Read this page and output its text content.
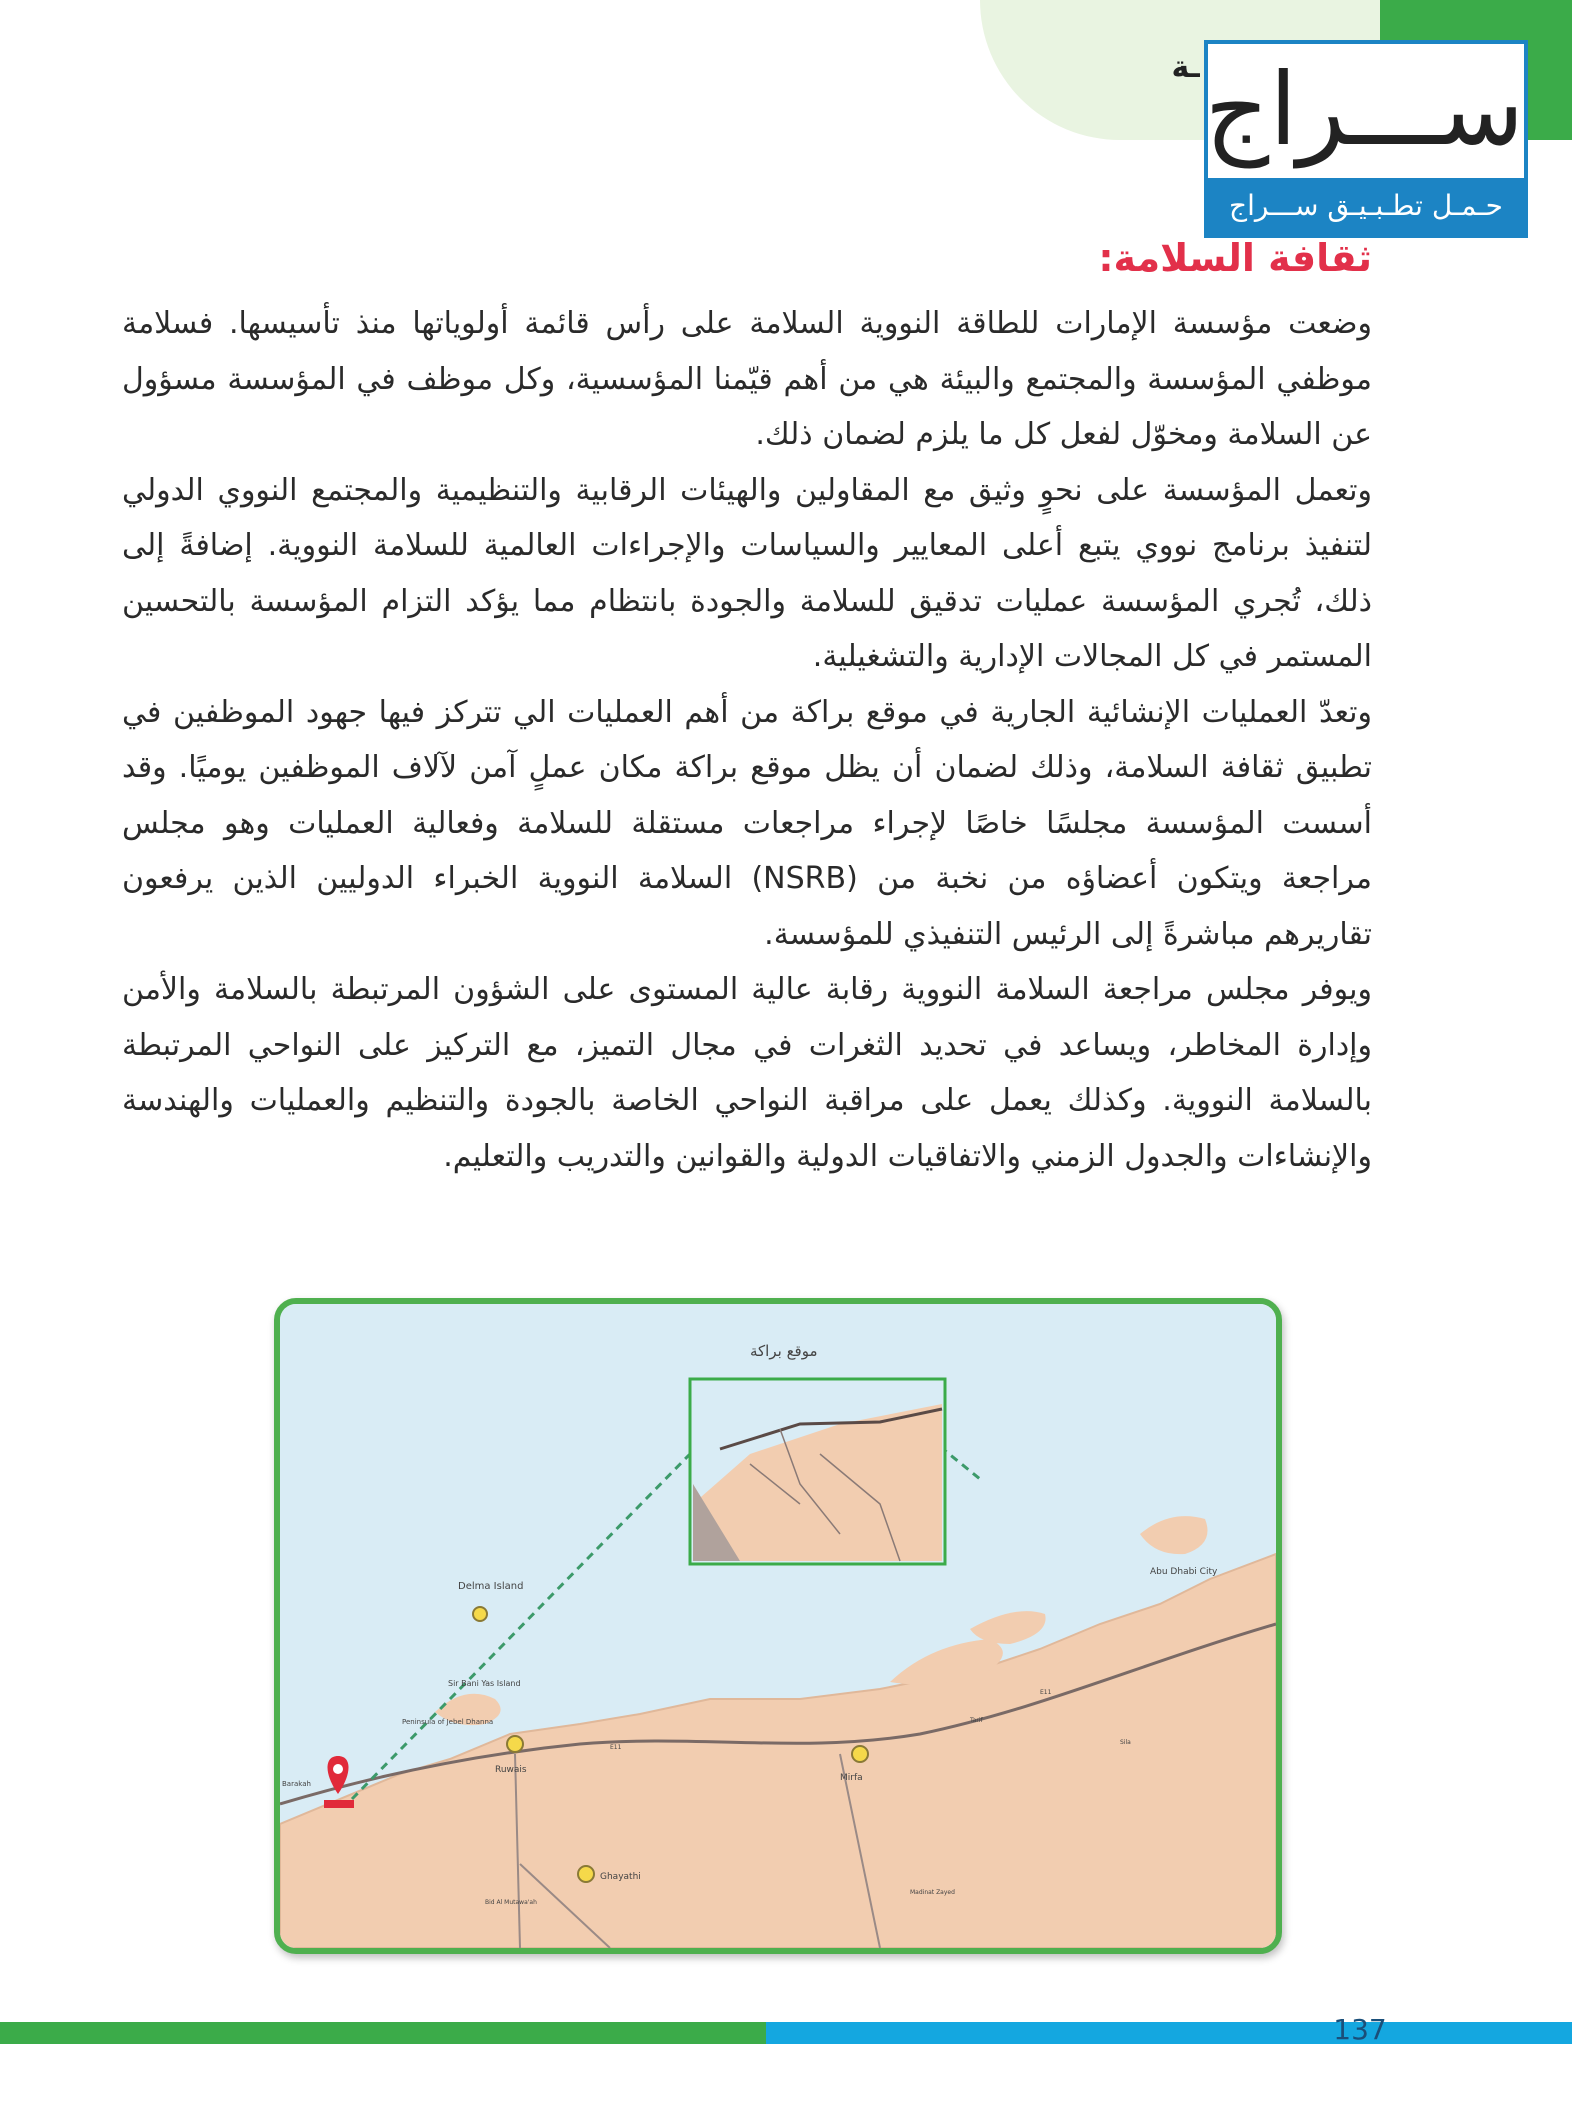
ـة ســـراج
حـمـل تطـبـيـق ســـراج
ثقافة السلامة:

وضعت مؤسسة الإمارات للطاقة النووية السلامة على رأس قائمة أولوياتها منذ تأسيسها. فسلامة موظفي المؤسسة والمجتمع والبيئة هي من أهم قيّمنا المؤسسية، وكل موظف في المؤسسة مسؤول عن السلامة ومخوّل لفعل كل ما يلزم لضمان ذلك.

وتعمل المؤسسة على نحوٍ وثيق مع المقاولين والهيئات الرقابية والتنظيمية والمجتمع النووي الدولي لتنفيذ برنامج نووي يتبع أعلى المعايير والسياسات والإجراءات العالمية للسلامة النووية. إضافةً إلى ذلك، تُجري المؤسسة عمليات تدقيق للسلامة والجودة بانتظام مما يؤكد التزام المؤسسة بالتحسين المستمر في كل المجالات الإدارية والتشغيلية.

وتعدّ العمليات الإنشائية الجارية في موقع براكة من أهم العمليات الي تتركز فيها جهود الموظفين في تطبيق ثقافة السلامة، وذلك لضمان أن يظل موقع براكة مكان عملٍ آمن لآلاف الموظفين يوميًا. وقد أسست المؤسسة مجلسًا خاصًا لإجراء مراجعات مستقلة للسلامة وفعالية العمليات وهو مجلس مراجعة ويتكون أعضاؤه من نخبة من (NSRB) السلامة النووية الخبراء الدوليين الذين يرفعون تقاريرهم مباشرةً إلى الرئيس التنفيذي للمؤسسة.

ويوفر مجلس مراجعة السلامة النووية رقابة عالية المستوى على الشؤون المرتبطة بالسلامة والأمن وإدارة المخاطر، ويساعد في تحديد الثغرات في مجال التميز، مع التركيز على النواحي المرتبطة بالسلامة النووية. وكذلك يعمل على مراقبة النواحي الخاصة بالجودة والتنظيم والعمليات والهندسة والإنشاءات والجدول الزمني والاتفاقيات الدولية والقوانين والتدريب والتعليم.

موقع براكة
Delma Island
Sir Bani Yas Island
Peninsula of Jebel Dhanna
Abu Dhabi City
Ruwais
Mirfa
Ghayathi
Barakah
Bid Al Mutawa'ah
Madinat Zayed
Tarif
Sila
E11
E11
137
